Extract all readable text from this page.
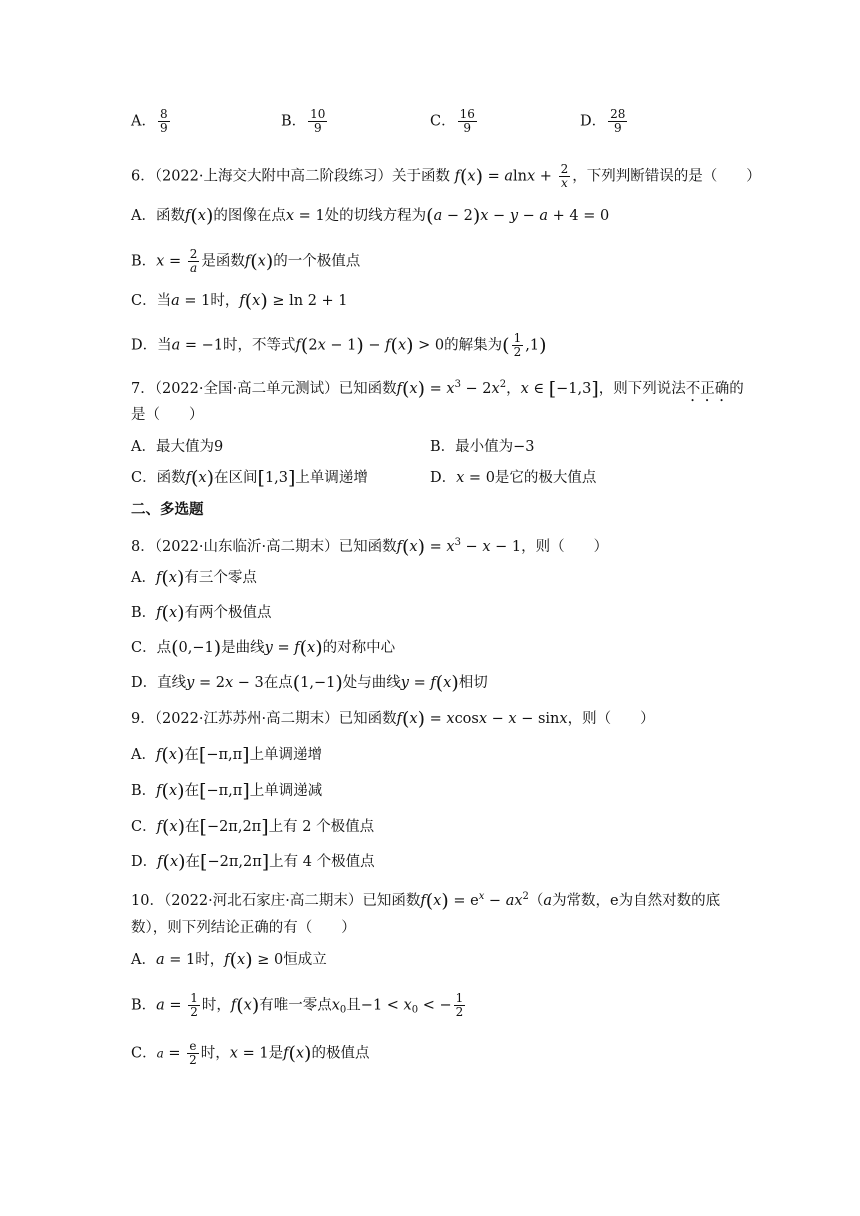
A． $\frac{8}{9}$	B． $\frac{10}{9}$	C． $\frac{16}{9}$	D． $\frac{28}{9}$
6．（2022·上海交大附中高二阶段练习）关于函数 $f(x) = alnx + \frac{2}{x}$ ，下列判断错误的是（　　）
A．函数f(x)的图像在点x = 1处的切线方程为(a − 2)x − y − a + 4 = 0
B．$x = \frac{2}{a}$ 是函数f(x)的一个极值点
C．当a = 1时，f(x) ≥ ln 2 + 1
D．当a = −1时，不等式f(2x − 1) − f(x) > 0的解集为( $\frac{1}{2} ,1$)
7．（2022·全国·高二单元测试）已知函数$f(x) = x^3 - 2x^2$，x ∈ [−1,3]，则下列说法不正确的
是（　　）
A．最大值为9	B．最小值为−3
C．函数f(x)在区间[1,3]上单调递增	D．x = 0是它的极大值点
二、多选题
8．（2022·山东临沂·高二期末）已知函数$f(x) = x^3 - x - 1$，则（　　）
A．f(x)有三个零点
B．f(x)有两个极值点
C．点(0,−1)是曲线y = f(x)的对称中心
D．直线y = 2x − 3在点(1,−1)处与曲线y = f(x)相切
9．（2022·江苏苏州·高二期末）已知函数f(x) = xcosx − x − sinx，则（　　）
A．f(x)在[−π,π]上单调递增
B．f(x)在[−π,π]上单调递减
C．f(x)在[−2π,2π]上有 2 个极值点
D．f(x)在[−2π,2π]上有 4 个极值点
10．（2022·河北石家庄·高二期末）已知函数$f(x) = e^x - ax^2(a$为常数，e为自然对数的底
数），则下列结论正确的有（　　）
A．a = 1时，f(x) ≥ 0恒成立
B．$a = \frac{1}{2}$ 时，f(x)有唯一零点$x_0$且$-1 < x_0$ < − $\frac{1}{2}$
C．$a = \frac{e}{2}$ 时，x = 1是f(x)的极值点
